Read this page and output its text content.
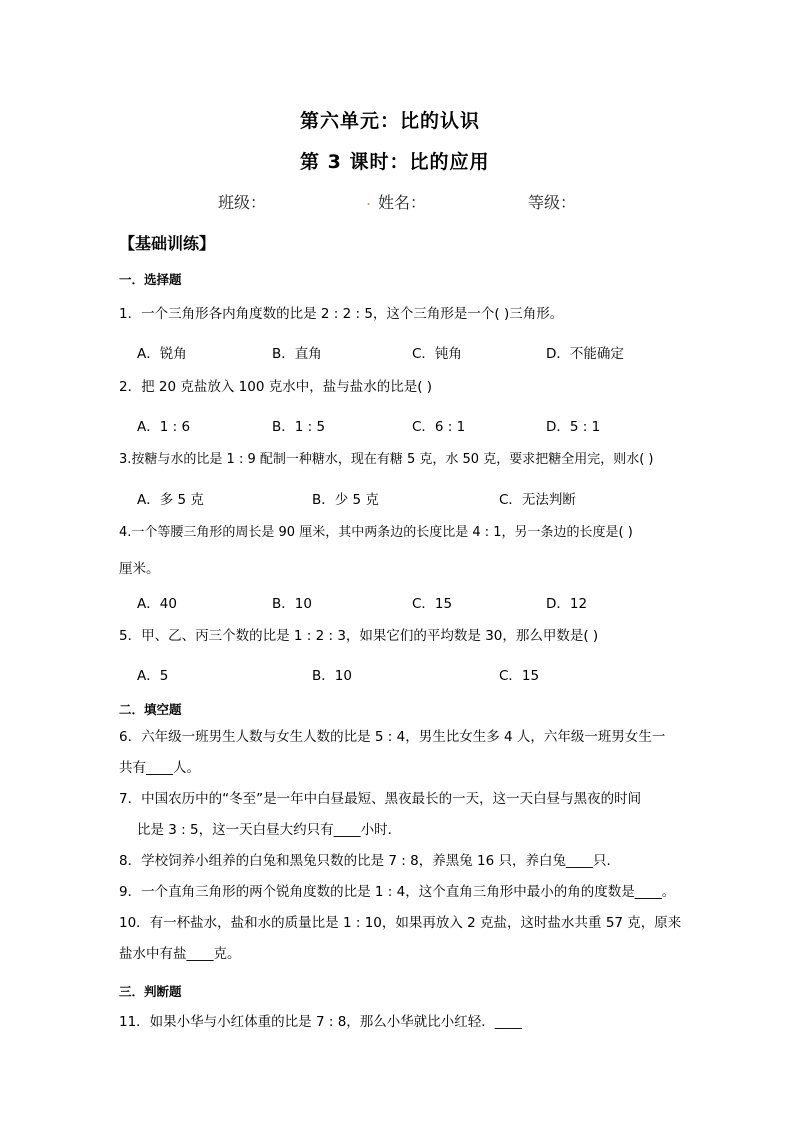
第六单元：比的认识
第 3 课时：比的应用
班级：	. 姓名：	等级：
【基础训练】
一．选择题
1．一个三角形各内角度数的比是 2 : 2 : 5，这个三角形是一个( )三角形。
A．锐角	B．直角	C．钝角	D．不能确定
2．把 20 克盐放入 100 克水中，盐与盐水的比是( )
A．1 : 6	B．1 : 5	C．6 : 1	D．5 : 1
3.按糖与水的比是 1 : 9 配制一种糖水，现在有糖 5 克，水 50 克，要求把糖全用完，则水( )
A．多 5 克	B．少 5 克	C．无法判断
4.一个等腰三角形的周长是 90 厘米，其中两条边的长度比是 4 : 1，另一条边的长度是( )
厘米。
A．40	B．10	C．15	D．12
5．甲、乙、丙三个数的比是 1 : 2 : 3，如果它们的平均数是 30，那么甲数是( )
A．5	B．10	C．15
二．填空题
6．六年级一班男生人数与女生人数的比是 5 : 4，男生比女生多 4 人，六年级一班男女生一
共有____人。
7．中国农历中的“冬至”是一年中白昼最短、黑夜最长的一天，这一天白昼与黑夜的时间
比是 3 : 5，这一天白昼大约只有____小时．
8．学校饲养小组养的白兔和黑兔只数的比是 7 : 8，养黑兔 16 只，养白兔____只．
9．一个直角三角形的两个锐角度数的比是 1 : 4，这个直角三角形中最小的角的度数是____。
10．有一杯盐水，盐和水的质量比是 1 : 10，如果再放入 2 克盐，这时盐水共重 57 克，原来
盐水中有盐____克。
三．判断题
11．如果小华与小红体重的比是 7 : 8，那么小华就比小红轻．____
